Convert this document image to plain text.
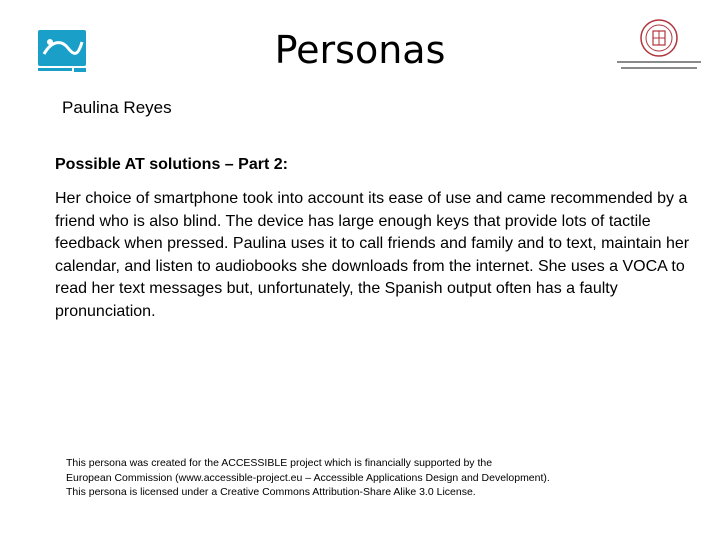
Personas
Paulina Reyes
Possible AT solutions – Part 2:

Her choice of smartphone took into account its ease of use and came recommended by a friend who is also blind. The device has large enough keys that provide lots of tactile feedback when pressed. Paulina uses it to call friends and family and to text, maintain her calendar, and listen to audiobooks she downloads from the internet. She uses a VOCA to read her text messages but, unfortunately, the Spanish output often has a faulty pronunciation.

This persona was created for the ACCESSIBLE project which is financially supported by the
European Commission (www.accessible-project.eu – Accessible Applications Design and Development).
This persona is licensed under a Creative Commons Attribution-Share Alike 3.0 License.
